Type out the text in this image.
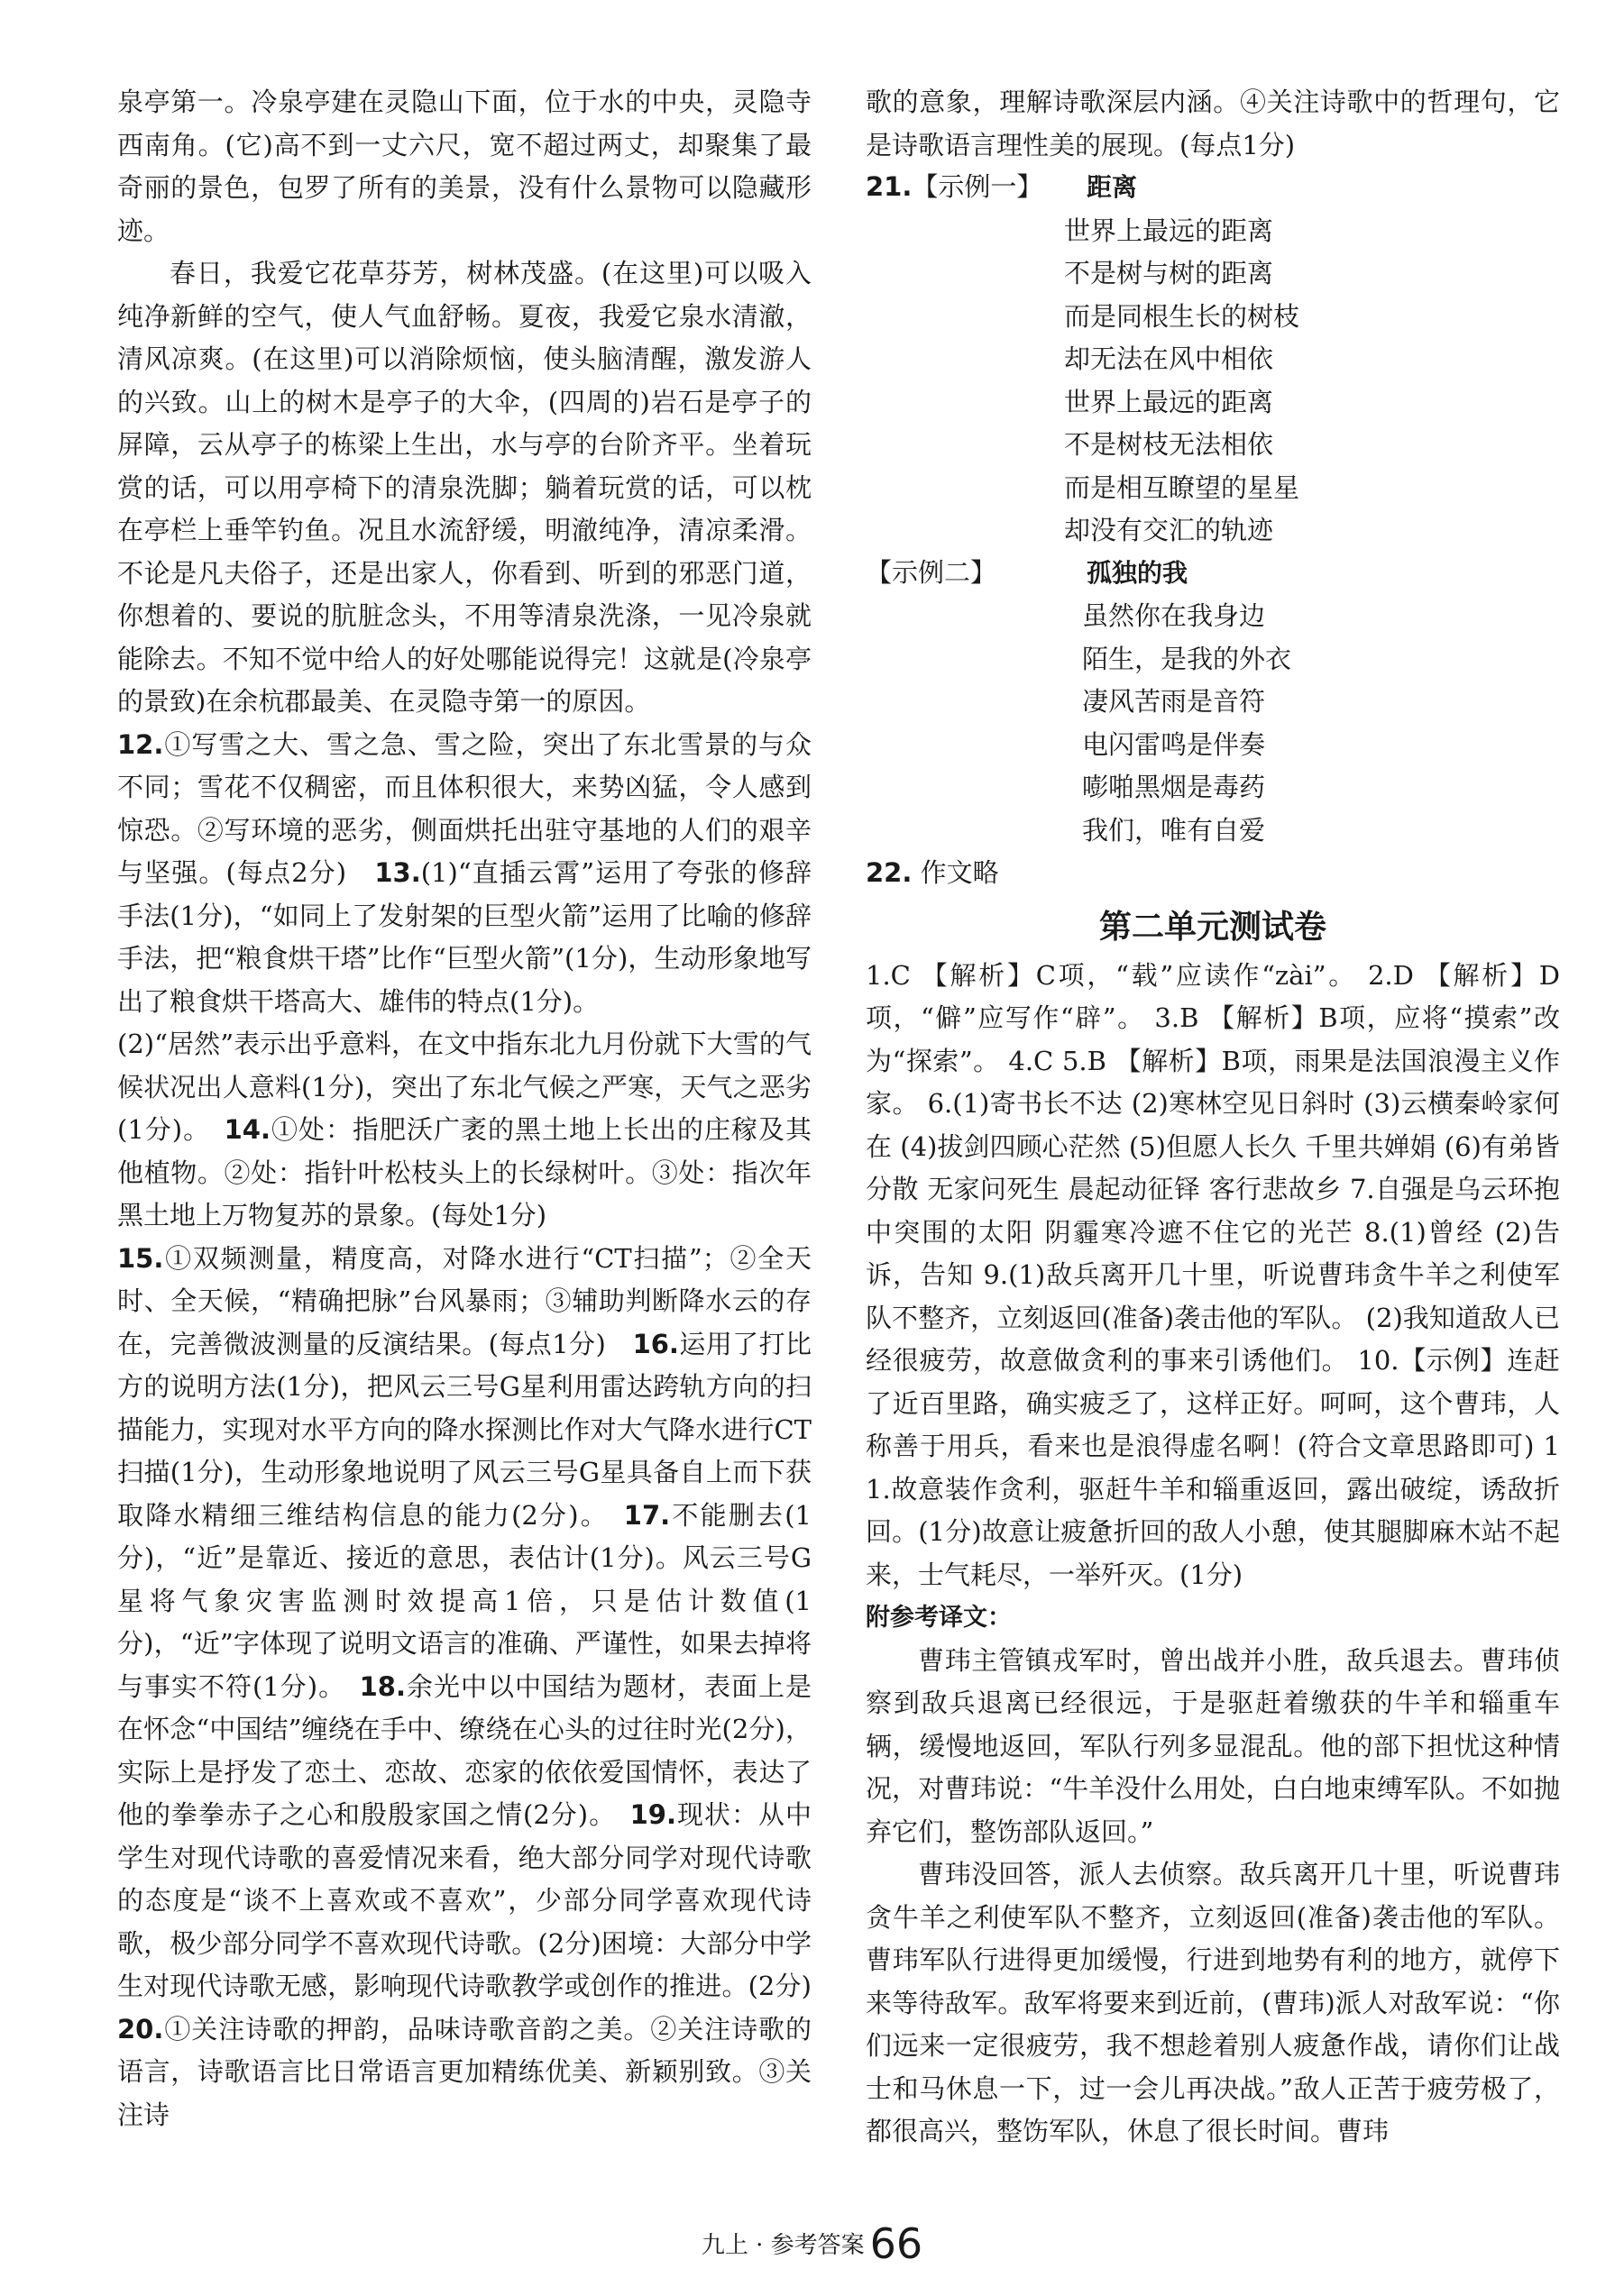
泉亭第一。冷泉亭建在灵隐山下面，位于水的中央，灵隐寺西南角。(它)高不到一丈六尺，宽不超过两丈，却聚集了最奇丽的景色，包罗了所有的美景，没有什么景物可以隐藏形迹。

春日，我爱它花草芬芳，树林茂盛。(在这里)可以吸入纯净新鲜的空气，使人气血舒畅。夏夜，我爱它泉水清澈，清风凉爽。(在这里)可以消除烦恼，使头脑清醒，激发游人的兴致。山上的树木是亭子的大伞，(四周的)岩石是亭子的屏障，云从亭子的栋梁上生出，水与亭的台阶齐平。坐着玩赏的话，可以用亭椅下的清泉洗脚；躺着玩赏的话，可以枕在亭栏上垂竿钓鱼。况且水流舒缓，明澈纯净，清凉柔滑。不论是凡夫俗子，还是出家人，你看到、听到的邪恶门道，你想着的、要说的肮脏念头，不用等清泉洗涤，一见冷泉就能除去。不知不觉中给人的好处哪能说得完！这就是(冷泉亭的景致)在余杭郡最美、在灵隐寺第一的原因。

12.①写雪之大、雪之急、雪之险，突出了东北雪景的与众不同；雪花不仅稠密，而且体积很大，来势凶猛，令人感到惊恐。②写环境的恶劣，侧面烘托出驻守基地的人们的艰辛与坚强。(每点2分)　 13.(1)“直插云霄”运用了夸张的修辞手法(1分)，“如同上了发射架的巨型火箭”运用了比喻的修辞手法，把“粮食烘干塔”比作“巨型火箭”(1分)，生动形象地写出了粮食烘干塔高大、雄伟的特点(1分)。

(2)“居然”表示出乎意料，在文中指东北九月份就下大雪的气候状况出人意料(1分)，突出了东北气候之严寒，天气之恶劣(1分)。　 14.①处：指肥沃广袤的黑土地上长出的庄稼及其他植物。②处：指针叶松枝头上的长绿树叶。③处：指次年黑土地上万物复苏的景象。(每处1分)

15.①双频测量，精度高，对降水进行“CT扫描”；②全天时、全天候，“精确把脉”台风暴雨；③辅助判断降水云的存在，完善微波测量的反演结果。(每点1分)　 16.运用了打比方的说明方法(1分)，把风云三号G星利用雷达跨轨方向的扫描能力，实现对水平方向的降水探测比作对大气降水进行CT扫描(1分)，生动形象地说明了风云三号G星具备自上而下获取降水精细三维结构信息的能力(2分)。　 17.不能删去(1分)，“近”是靠近、接近的意思，表估计(1分)。风云三号G星将气象灾害监测时效提高1倍，只是估计数值(1分)，“近”字体现了说明文语言的准确、严谨性，如果去掉将与事实不符(1分)。　 18.余光中以中国结为题材，表面上是在怀念“中国结”缠绕在手中、缭绕在心头的过往时光(2分)，实际上是抒发了恋土、恋故、恋家的依依爱国情怀，表达了他的拳拳赤子之心和殷殷家国之情(2分)。　 19.现状：从中学生对现代诗歌的喜爱情况来看，绝大部分同学对现代诗歌的态度是“谈不上喜欢或不喜欢”，少部分同学喜欢现代诗歌，极少部分同学不喜欢现代诗歌。(2分)困境：大部分中学生对现代诗歌无感，影响现代诗歌教学或创作的推进。(2分)　20.①关注诗歌的押韵，品味诗歌音韵之美。②关注诗歌的语言，诗歌语言比日常语言更加精练优美、新颖别致。③关注诗

歌的意象，理解诗歌深层内涵。④关注诗歌中的哲理句，它是诗歌语言理性美的展现。(每点1分)

21.【示例一】	距离
世界上最远的距离
不是树与树的距离
而是同根生长的树枝
却无法在风中相依
世界上最远的距离
不是树枝无法相依
而是相互瞭望的星星
却没有交汇的轨迹
【示例二】	孤独的我
虽然你在我身边
陌生，是我的外衣
凄风苦雨是音符
电闪雷鸣是伴奏
嘭啪黑烟是毒药
我们，唯有自爱

22. 作文略

第二单元测试卷

1.C 【解析】C项，“载”应读作“zài”。 2.D 【解析】D项，“僻”应写作“辟”。 3.B 【解析】B项，应将“摸索”改为“探索”。 4.C 5.B 【解析】B项，雨果是法国浪漫主义作家。 6.(1)寄书长不达 (2)寒林空见日斜时 (3)云横秦岭家何在 (4)拔剑四顾心茫然 (5)但愿人长久 千里共婵娟 (6)有弟皆分散 无家问死生 晨起动征铎 客行悲故乡 7.自强是乌云环抱中突围的太阳 阴霾寒冷遮不住它的光芒 8.(1)曾经 (2)告诉，告知 9.(1)敌兵离开几十里，听说曹玮贪牛羊之利使军队不整齐，立刻返回(准备)袭击他的军队。 (2)我知道敌人已经很疲劳，故意做贪利的事来引诱他们。 10.【示例】连赶了近百里路，确实疲乏了，这样正好。呵呵，这个曹玮，人称善于用兵，看来也是浪得虚名啊！(符合文章思路即可) 11.故意装作贪利，驱赶牛羊和辎重返回，露出破绽，诱敌折回。(1分)故意让疲惫折回的敌人小憩，使其腿脚麻木站不起来，士气耗尽，一举歼灭。(1分)

附参考译文：

曹玮主管镇戎军时，曾出战并小胜，敌兵退去。曹玮侦察到敌兵退离已经很远，于是驱赶着缴获的牛羊和辎重车辆，缓慢地返回，军队行列多显混乱。他的部下担忧这种情况，对曹玮说：“牛羊没什么用处，白白地束缚军队。不如抛弃它们，整饬部队返回。”

曹玮没回答，派人去侦察。敌兵离开几十里，听说曹玮贪牛羊之利使军队不整齐，立刻返回(准备)袭击他的军队。曹玮军队行进得更加缓慢，行进到地势有利的地方，就停下来等待敌军。敌军将要来到近前，(曹玮)派人对敌军说：“你们远来一定很疲劳，我不想趁着别人疲惫作战，请你们让战士和马休息一下，过一会儿再决战。”敌人正苦于疲劳极了，都很高兴，整饬军队，休息了很长时间。曹玮

九上 · 参考答案 66
